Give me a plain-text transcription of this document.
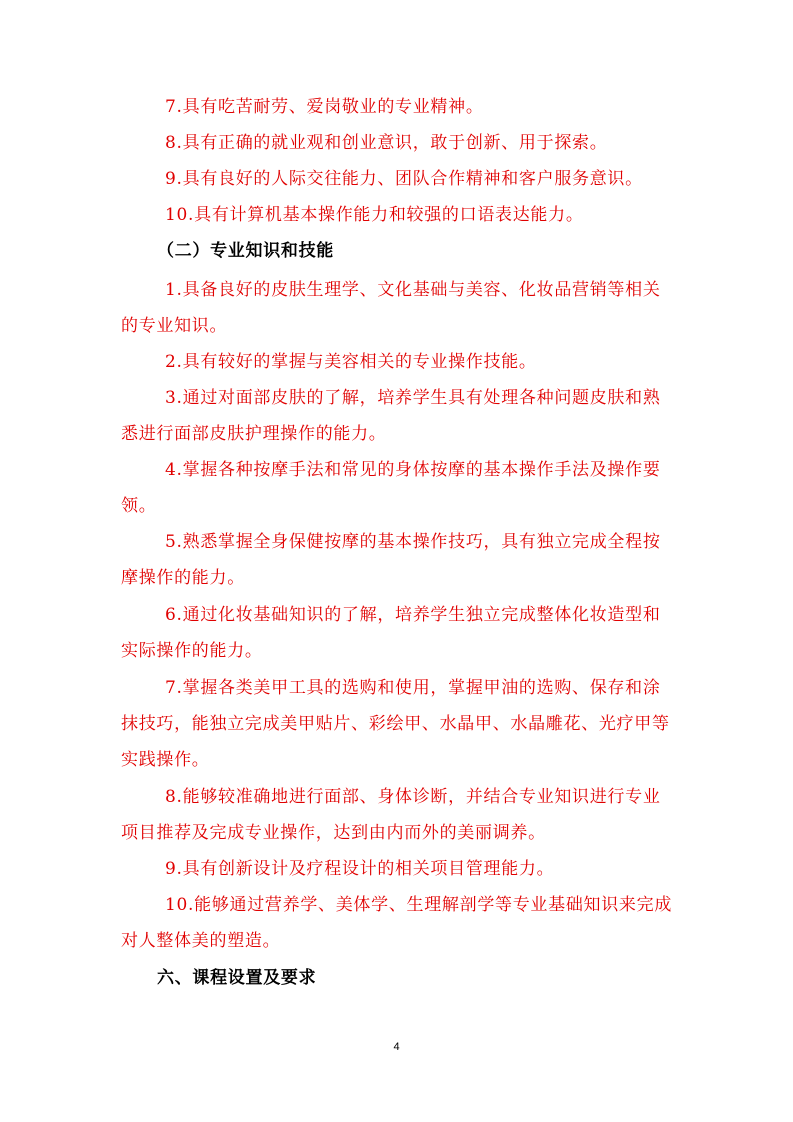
7.具有吃苦耐劳、爱岗敬业的专业精神。

8.具有正确的就业观和创业意识，敢于创新、用于探索。

9.具有良好的人际交往能力、团队合作精神和客户服务意识。

10.具有计算机基本操作能力和较强的口语表达能力。

（二）专业知识和技能

1.具备良好的皮肤生理学、文化基础与美容、化妆品营销等相关的专业知识。

2.具有较好的掌握与美容相关的专业操作技能。

3.通过对面部皮肤的了解，培养学生具有处理各种问题皮肤和熟悉进行面部皮肤护理操作的能力。

4.掌握各种按摩手法和常见的身体按摩的基本操作手法及操作要领。

5.熟悉掌握全身保健按摩的基本操作技巧，具有独立完成全程按摩操作的能力。

6.通过化妆基础知识的了解，培养学生独立完成整体化妆造型和实际操作的能力。

7.掌握各类美甲工具的选购和使用，掌握甲油的选购、保存和涂抹技巧，能独立完成美甲贴片、彩绘甲、水晶甲、水晶雕花、光疗甲等实践操作。

8.能够较准确地进行面部、身体诊断，并结合专业知识进行专业项目推荐及完成专业操作，达到由内而外的美丽调养。

9.具有创新设计及疗程设计的相关项目管理能力。

10.能够通过营养学、美体学、生理解剖学等专业基础知识来完成对人整体美的塑造。

六、课程设置及要求
4
